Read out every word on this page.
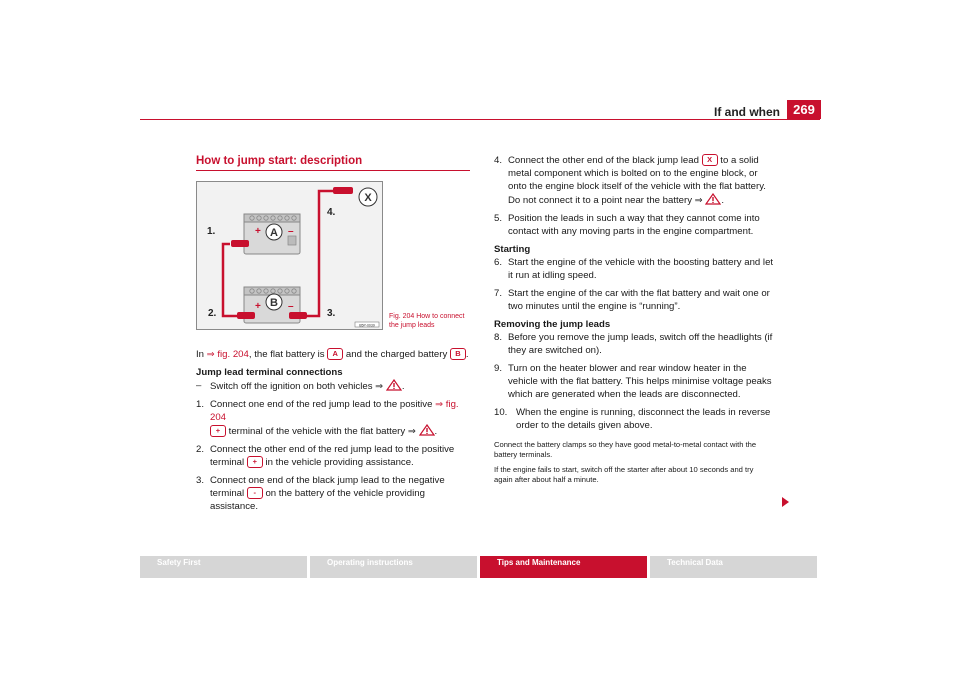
If and when	269
How to jump start: description
+	–
A
+	–
B
X
1.
2.	3.
4.
B5P-0039
Fig. 204 How to connect
the jump leads

In ⇒ fig. 204, the flat battery is A and the charged battery B .

Jump lead terminal connections

– Switch off the ignition on both vehicles ⇒ .
1. Connect one end of the red jump lead to the positive ⇒ fig. 204
+ terminal of the vehicle with the flat battery ⇒ .
2. Connect the other end of the red jump lead to the positive terminal + in the vehicle providing assistance.
3. Connect one end of the black jump lead to the negative terminal - on the battery of the vehicle providing assistance.
4. Connect the other end of the black jump lead X to a solid metal component which is bolted on to the engine block, or onto the engine block itself of the vehicle with the flat battery. Do not connect it to a point near the battery ⇒ .
5. Position the leads in such a way that they cannot come into contact with any moving parts in the engine compartment.

Starting

6. Start the engine of the vehicle with the boosting battery and let it run at idling speed.
7. Start the engine of the car with the flat battery and wait one or two minutes until the engine is “running”.

Removing the jump leads

8. Before you remove the jump leads, switch off the headlights (if they are switched on).
9. Turn on the heater blower and rear window heater in the vehicle with the flat battery. This helps minimise voltage peaks which are generated when the leads are disconnected.
10. When the engine is running, disconnect the leads in reverse order to the details given above.

Connect the battery clamps so they have good metal-to-metal contact with the battery terminals.

If the engine fails to start, switch off the starter after about 10 seconds and try again after about half a minute.

Safety First	Operating instructions	Tips and Maintenance	Technical Data
